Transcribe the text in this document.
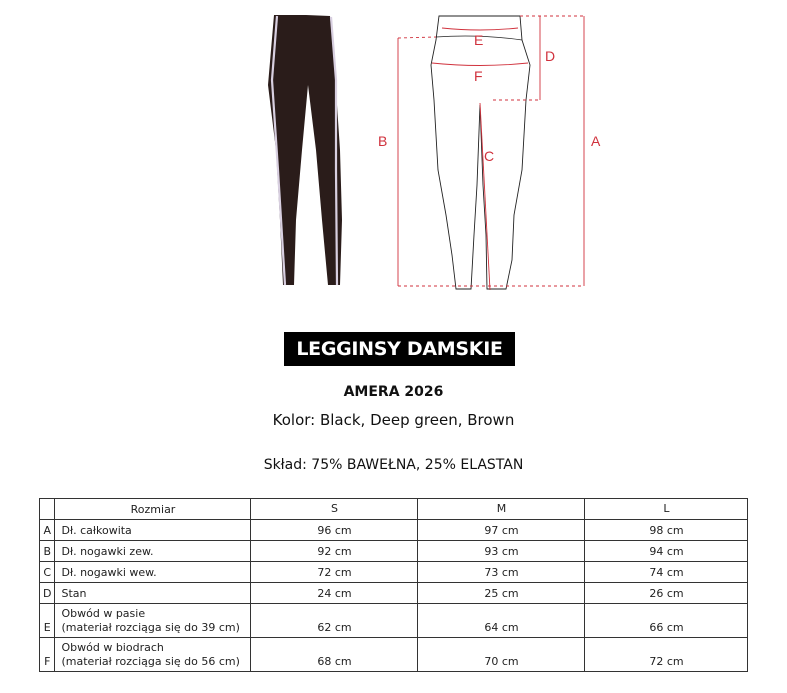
B	A
D
C
E
F
LEGGINSY DAMSKIE
AMERA 2026
Kolor: Black, Deep green, Brown
Skład: 75% BAWEŁNA, 25% ELASTAN
	Rozmiar	S	M	L
A	Dł. całkowita	96 cm	97 cm	98 cm
B	Dł. nogawki zew.	92 cm	93 cm	94 cm
C	Dł. nogawki wew.	72 cm	73 cm	74 cm
D	Stan	24 cm	25 cm	26 cm
E	Obwód w pasie
(materiał rozciąga się do 39 cm)	62 cm	64 cm	66 cm
F	Obwód w biodrach
(materiał rozciąga się do 56 cm)	68 cm	70 cm	72 cm
